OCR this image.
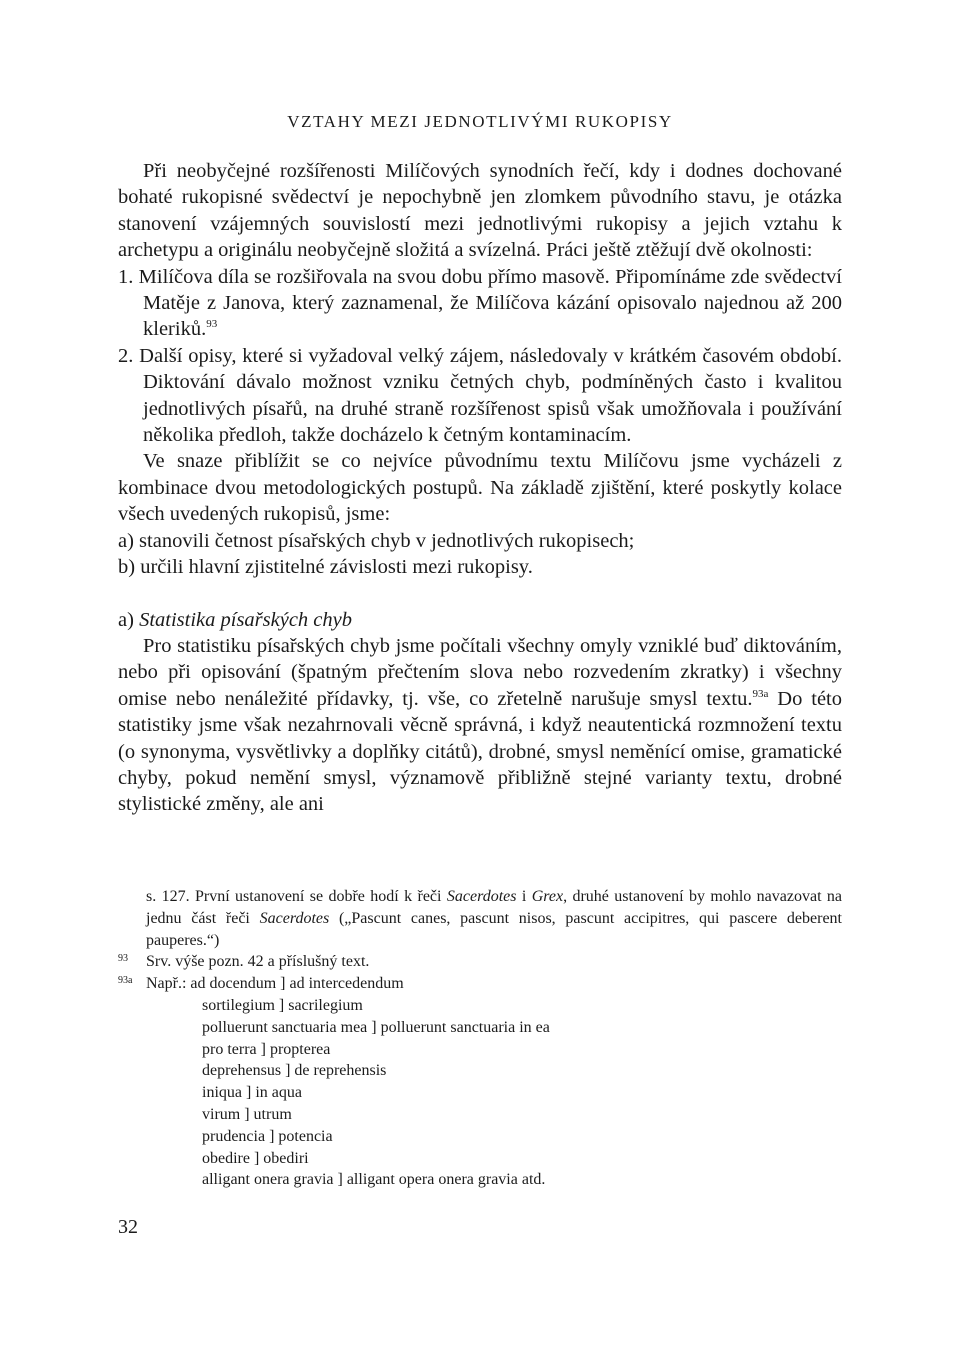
VZTAHY MEZI JEDNOTLIVÝMI RUKOPISY

Při neobyčejné rozšířenosti Milíčových synodních řečí, kdy i dodnes dochované bohaté rukopisné svědectví je nepochybně jen zlomkem původního stavu, je otázka stanovení vzájemných souvislostí mezi jednotlivými rukopisy a jejich vztahu k archetypu a originálu neobyčejně složitá a svízelná. Práci ještě ztěžují dvě okolnosti:

1. Milíčova díla se rozšiřovala na svou dobu přímo masově. Připomínáme zde svědectví Matěje z Janova, který zaznamenal, že Milíčova kázání opisovalo najednou až 200 kleriků.$^{93}$

2. Další opisy, které si vyžadoval velký zájem, následovaly v krátkém časovém období. Diktování dávalo možnost vzniku četných chyb, podmíněných často i kvalitou jednotlivých písařů, na druhé straně rozšířenost spisů však umožňovala i používání několika předloh, takže docházelo k četným kontaminacím.

Ve snaze přiblížit se co nejvíce původnímu textu Milíčovu jsme vycházeli z kombinace dvou metodologických postupů. Na základě zjištění, které poskytly kolace všech uvedených rukopisů, jsme:

a) stanovili četnost písařských chyb v jednotlivých rukopisech;

b) určili hlavní zjistitelné závislosti mezi rukopisy.

a) Statistika písařských chyb

Pro statistiku písařských chyb jsme počítali všechny omyly vzniklé buď diktováním, nebo při opisování (špatným přečtením slova nebo rozvedením zkratky) i všechny omise nebo nenáležité přídavky, tj. vše, co zřetelně narušuje smysl textu.$^{93a}$ Do této statistiky jsme však nezahrnovali věcně správná, i když neautentická rozmnožení textu (o synonyma, vysvětlivky a doplňky citátů), drobné, smysl neměnící omise, gramatické chyby, pokud nemění smysl, významově přibližně stejné varianty textu, drobné stylistické změny, ale ani

s. 127. První ustanovení se dobře hodí k řeči Sacerdotes i Grex, druhé ustanovení by mohlo navazovat na jednu část řeči Sacerdotes („Pascunt canes, pascunt nisos, pascunt accipitres, qui pascere deberent pauperes.“)
93 Srv. výše pozn. 42 a příslušný text.
93a Např.: ad docendum ] ad intercedendum
sortilegium ] sacrilegium
polluerunt sanctuaria mea ] polluerunt sanctuaria in ea
pro terra ] propterea
deprehensus ] de reprehensis
iniqua ] in aqua
virum ] utrum
prudencia ] potencia
obedire ] obediri
alligant onera gravia ] alligant opera onera gravia atd.
32
